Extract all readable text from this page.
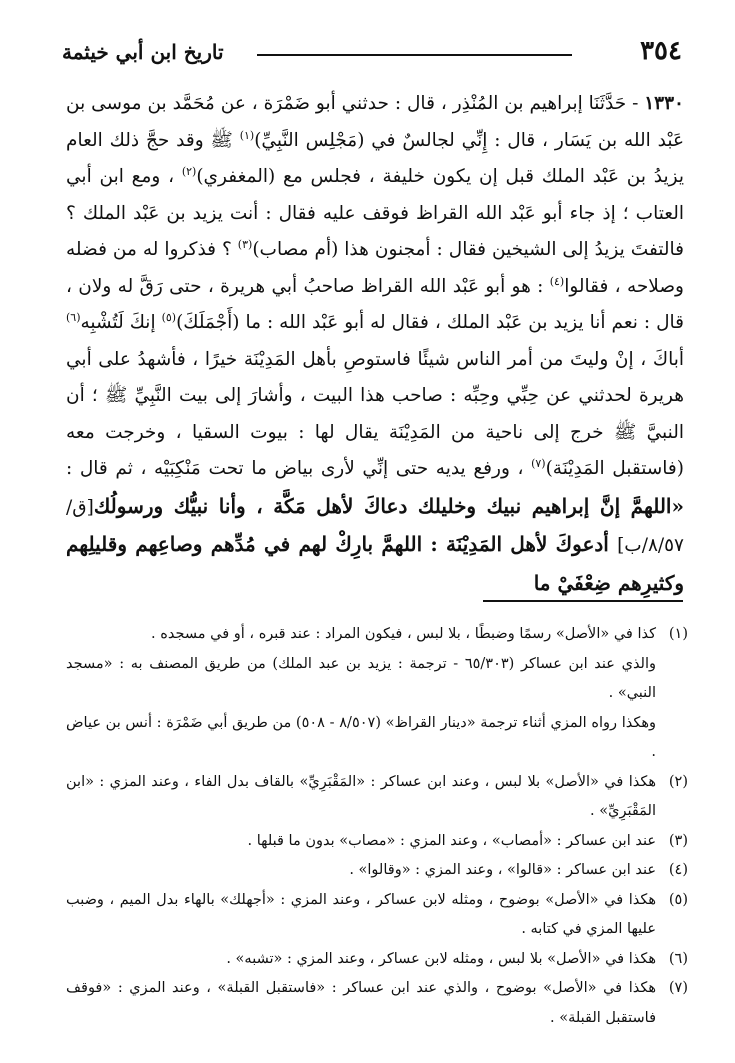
٣٥٤
تاريخ ابن أبي خيثمة

١٣٣٠ - حَدَّثَنَا إبراهيم بن المُنْذِر ، قال : حدثني أبو ضَمْرَة ، عن مُحَمَّد بن موسى بن عَبْد الله بن يَسَار ، قال : إِنِّي لجالسٌ في (مَجْلِس النَّبِيِّ)$^{(١)}$ ﷺ وقد حجَّ ذلك العام يزيدُ بن عَبْد الملك قبل إن يكون خليفة ، فجلس مع (المغفري)$^{(٢)}$ ، ومع ابن أبي العتاب ؛ إذ جاء أبو عَبْد الله القراظ فوقف عليه فقال : أنت يزيد بن عَبْد الملك ؟ فالتفتَ يزيدُ إلى الشيخين فقال : أمجنون هذا (أم مصاب)$^{(٣)}$ ؟ فذكروا له من فضله وصلاحه ، فقالوا$^{(٤)}$ : هو أبو عَبْد الله القراظ صاحبُ أبي هريرة ، حتى رَقَّ له ولان ، قال : نعم أنا يزيد بن عَبْد الملك ، فقال له أبو عَبْد الله : ما (أَجْمَلَكَ)$^{(٥)}$ إنكَ لَتُشْبِه$^{(٦)}$ أباكَ ، إنْ وليتَ من أمر الناس شيئًا فاستوصِ بأهل المَدِيْنَة خيرًا ، فأشهدُ على أبي هريرة لحدثني عن حِبِّي وحِبِّه : صاحب هذا البيت ، وأشارَ إلى بيت النَّبِيِّ ﷺ ؛ أن النبيَّ ﷺ خرج إلى ناحية من المَدِيْنَة يقال لها : بيوت السقيا ، وخرجت معه (فاستقبل المَدِيْنَة)$^{(٧)}$ ، ورفع يديه حتى إنِّي لأرى بياض ما تحت مَنْكِبَيْه ، ثم قال : «اللهمَّ إنَّ إبراهيم نبيك وخليلك دعاكَ لأهل مَكَّة ، وأنا نبيُّك ورسولُك[ق/٨/٥٧/ب] أدعوكَ لأهل المَدِيْنَة : اللهمَّ بارِكْ لهم في مُدِّهم وصاعِهم وقليلِهم وكثيرِهم ضِعْفَيْ ما

(١)
كذا في «الأصل» رسمًا وضبطًا ، بلا لبس ، فيكون المراد : عند قبره ، أو في مسجده .

والذي عند ابن عساكر (٦٥/٣٠٣ - ترجمة : يزيد بن عبد الملك) من طريق المصنف به : «مسجد النبي» .

وهكذا رواه المزي أثناء ترجمة «دينار القراظ» (٨/٥٠٧ - ٥٠٨) من طريق أبي ضَمْرَة : أنس بن عياض .

(٢)
هكذا في «الأصل» بلا لبس ، وعند ابن عساكر : «المَقْبَرِيِّ» بالقاف بدل الفاء ، وعند المزي : «ابن المَقْبَرِيِّ» .

(٣)
عند ابن عساكر : «أمصاب» ، وعند المزي : «مصاب» بدون ما قبلها .

(٤)
عند ابن عساكر : «قالوا» ، وعند المزي : «وقالوا» .

(٥)
هكذا في «الأصل» بوضوح ، ومثله لابن عساكر ، وعند المزي : «أجهلك» بالهاء بدل الميم ، وضبب عليها المزي في كتابه .

(٦)
هكذا في «الأصل» بلا لبس ، ومثله لابن عساكر ، وعند المزي : «تشبه» .

(٧)
هكذا في «الأصل» بوضوح ، والذي عند ابن عساكر : «فاستقبل القبلة» ، وعند المزي : «فوقف فاستقبل القبلة» .
